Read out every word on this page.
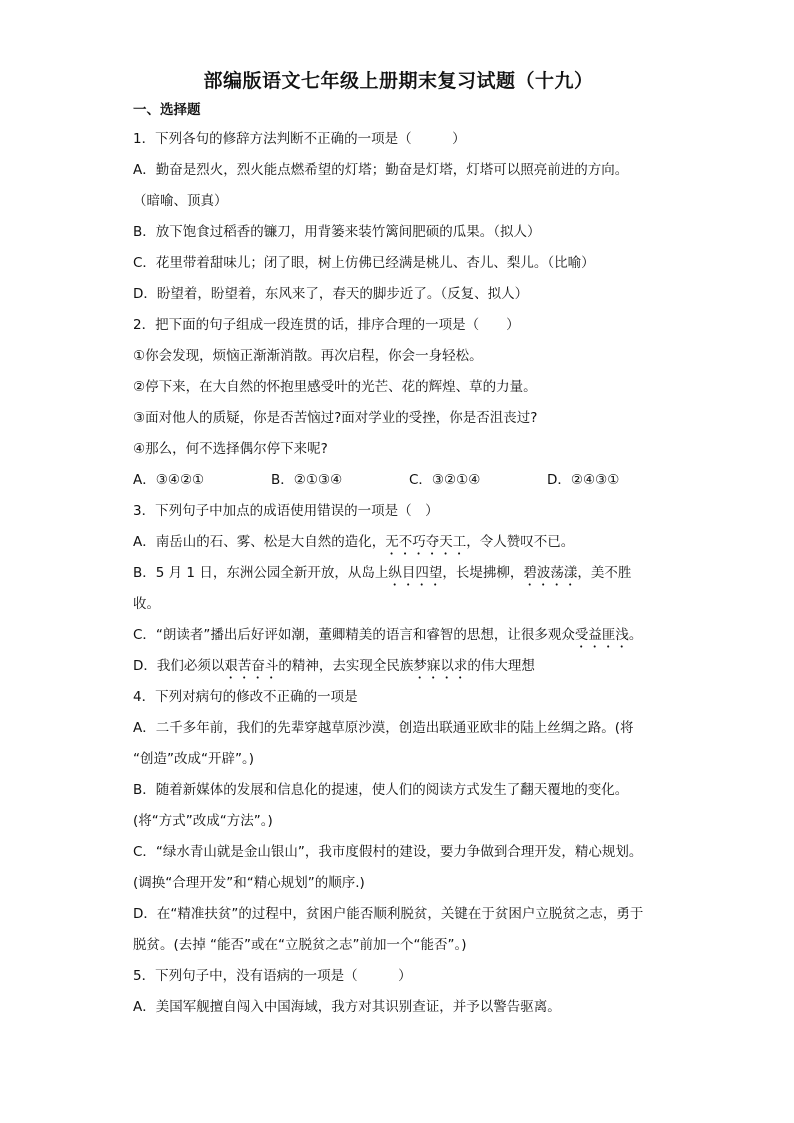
部编版语文七年级上册期末复习试题（十九）
一、选择题
1．下列各句的修辞方法判断不正确的一项是（　　　）
A．勤奋是烈火，烈火能点燃希望的灯塔；勤奋是灯塔，灯塔可以照亮前进的方向。
（暗喻、顶真）
B．放下饱食过稻香的镰刀，用背篓来装竹篱间肥硕的瓜果。（拟人）
C．花里带着甜味儿；闭了眼，树上仿佛已经满是桃儿、杏儿、梨儿。（比喻）
D．盼望着，盼望着，东风来了，春天的脚步近了。（反复、拟人）
2．把下面的句子组成一段连贯的话，排序合理的一项是（　　）
①你会发现，烦恼正渐渐消散。再次启程，你会一身轻松。
②停下来，在大自然的怀抱里感受叶的光芒、花的辉煌、草的力量。
③面对他人的质疑，你是否苦恼过?面对学业的受挫，你是否沮丧过?
④那么，何不选择偶尔停下来呢?
A．③④②①	B．②①③④	C．③②①④	D．②④③①
3．下列句子中加点的成语使用错误的一项是（　）
A．南岳山的石、雾、松是大自然的造化，无不巧夺天工，令人赞叹不已。
B．5 月 1 日，东洲公园全新开放，从岛上纵目四望，长堤拂柳，碧波荡漾，美不胜
收。
C．“朗读者”播出后好评如潮，董卿精美的语言和睿智的思想，让很多观众受益匪浅。
D．我们必须以艰苦奋斗的精神，去实现全民族梦寐以求的伟大理想
4．下列对病句的修改不正确的一项是
A．二千多年前，我们的先辈穿越草原沙漠，创造出联通亚欧非的陆上丝绸之路。(将
“创造”改成“开辟”。)
B．随着新媒体的发展和信息化的提速，使人们的阅读方式发生了翻天覆地的变化。
(将“方式”改成“方法”。)
C．“绿水青山就是金山银山”，我市度假村的建设，要力争做到合理开发，精心规划。
(调换“合理开发”和“精心规划”的顺序.)
D．在“精准扶贫”的过程中，贫困户能否顺利脱贫，关键在于贫困户立脱贫之志，勇于
脱贫。(去掉 “能否”或在“立脱贫之志”前加一个“能否”。)
5．下列句子中，没有语病的一项是（　　　）
A．美国军舰擅自闯入中国海域，我方对其识别查证，并予以警告驱离。
